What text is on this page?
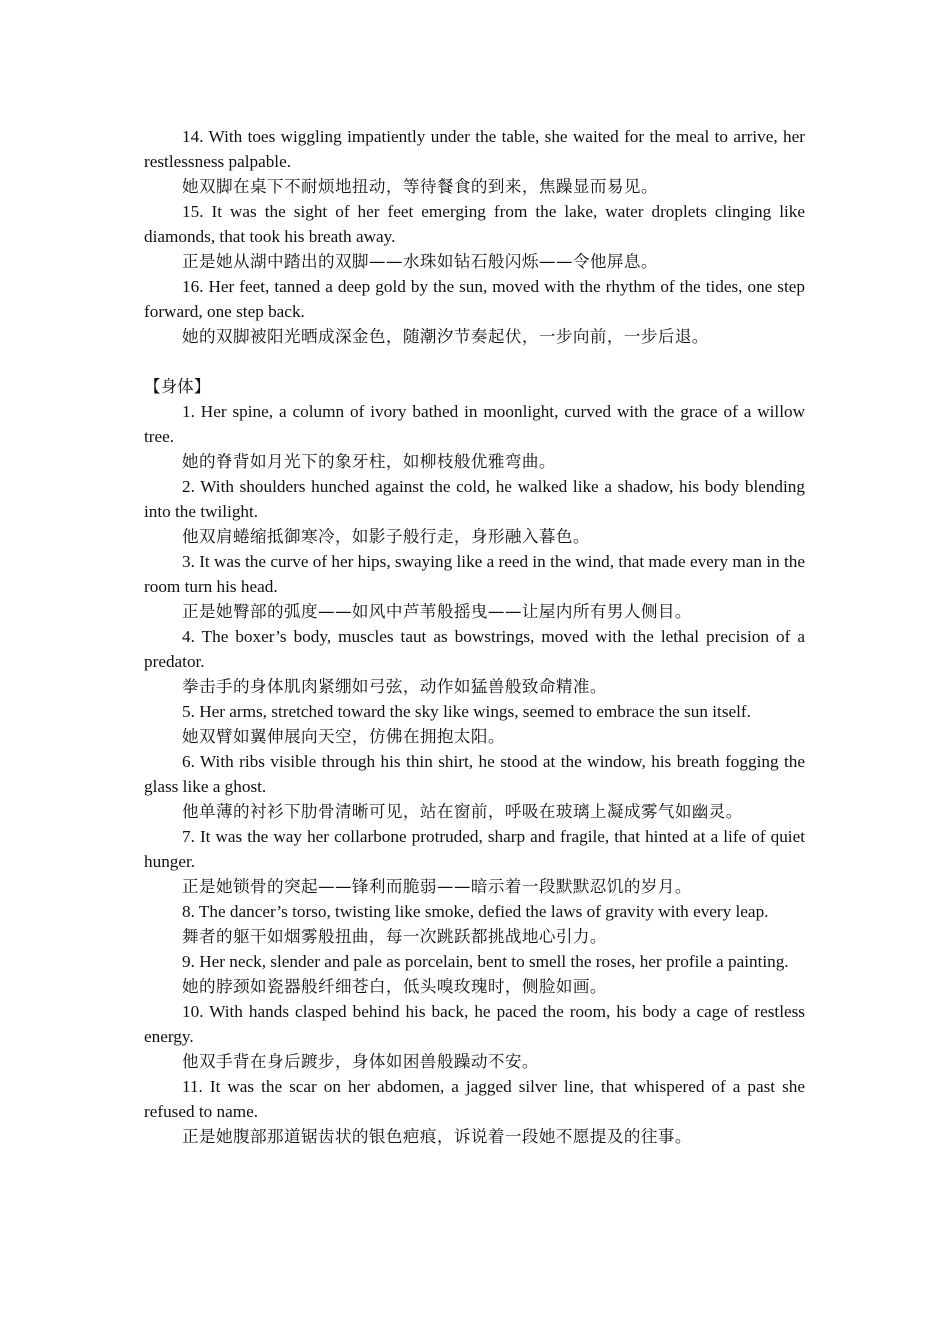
14. With toes wiggling impatiently under the table, she waited for the meal to arrive, her restlessness palpable.

她双脚在桌下不耐烦地扭动，等待餐食的到来，焦躁显而易见。

15. It was the sight of her feet emerging from the lake, water droplets clinging like diamonds, that took his breath away.

正是她从湖中踏出的双脚——水珠如钻石般闪烁——令他屏息。

16. Her feet, tanned a deep gold by the sun, moved with the rhythm of the tides, one step forward, one step back.

她的双脚被阳光晒成深金色，随潮汐节奏起伏，一步向前，一步后退。

【身体】

1. Her spine, a column of ivory bathed in moonlight, curved with the grace of a willow tree.

她的脊背如月光下的象牙柱，如柳枝般优雅弯曲。

2. With shoulders hunched against the cold, he walked like a shadow, his body blending into the twilight.

他双肩蜷缩抵御寒冷，如影子般行走，身形融入暮色。

3. It was the curve of her hips, swaying like a reed in the wind, that made every man in the room turn his head.

正是她臀部的弧度——如风中芦苇般摇曳——让屋内所有男人侧目。

4. The boxer’s body, muscles taut as bowstrings, moved with the lethal precision of a predator.

拳击手的身体肌肉紧绷如弓弦，动作如猛兽般致命精准。

5. Her arms, stretched toward the sky like wings, seemed to embrace the sun itself.

她双臂如翼伸展向天空，仿佛在拥抱太阳。

6. With ribs visible through his thin shirt, he stood at the window, his breath fogging the glass like a ghost.

他单薄的衬衫下肋骨清晰可见，站在窗前，呼吸在玻璃上凝成雾气如幽灵。

7. It was the way her collarbone protruded, sharp and fragile, that hinted at a life of quiet hunger.

正是她锁骨的突起——锋利而脆弱——暗示着一段默默忍饥的岁月。

8. The dancer’s torso, twisting like smoke, defied the laws of gravity with every leap.

舞者的躯干如烟雾般扭曲，每一次跳跃都挑战地心引力。

9. Her neck, slender and pale as porcelain, bent to smell the roses, her profile a painting.

她的脖颈如瓷器般纤细苍白，低头嗅玫瑰时，侧脸如画。

10. With hands clasped behind his back, he paced the room, his body a cage of restless energy.

他双手背在身后踱步，身体如困兽般躁动不安。

11. It was the scar on her abdomen, a jagged silver line, that whispered of a past she refused to name.

正是她腹部那道锯齿状的银色疤痕，诉说着一段她不愿提及的往事。
